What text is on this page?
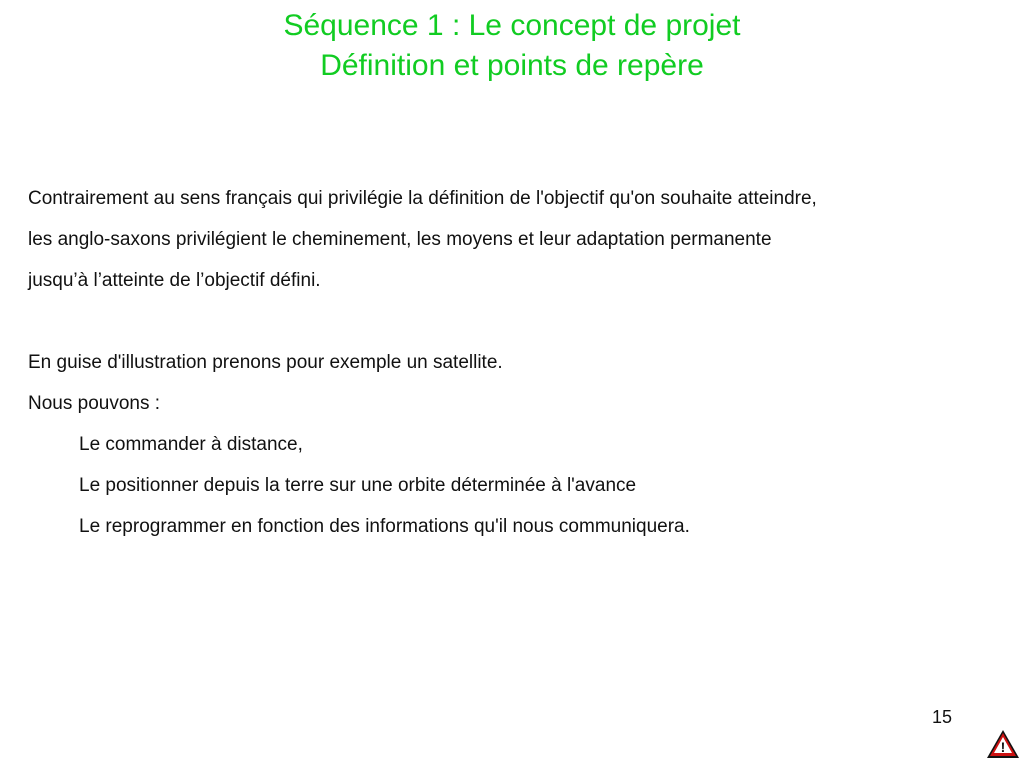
Séquence 1 : Le concept de projet
Définition et points de repère
Contrairement au sens français qui privilégie la définition de l'objectif qu'on souhaite atteindre,
les anglo-saxons privilégient le cheminement, les moyens et leur adaptation permanente
jusqu’à l’atteinte de l’objectif défini.
En guise d'illustration prenons pour exemple un satellite.
Nous pouvons :
Le commander à distance,
Le positionner depuis la terre sur une orbite déterminée à l'avance
Le reprogrammer en fonction des informations qu'il nous communiquera.
15
!
